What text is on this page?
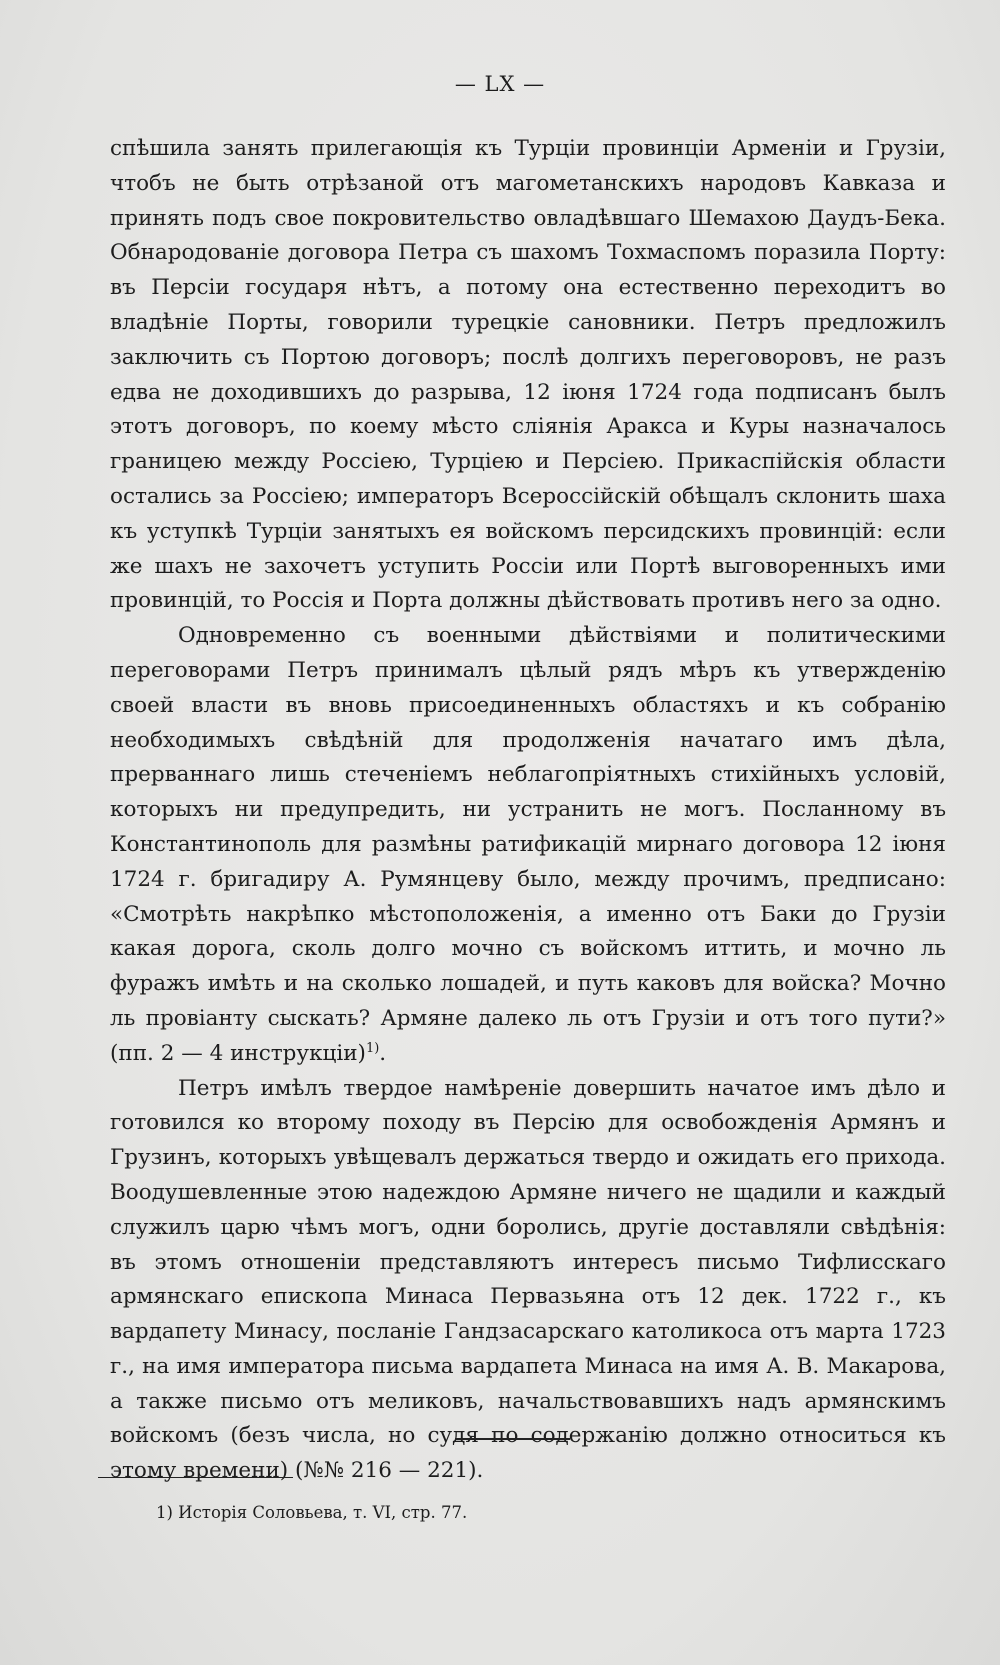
— LX —

спѣшила занять прилегающія къ Турціи провинціи Арменіи и Грузіи, чтобъ не быть отрѣзаной отъ магометанскихъ народовъ Кавказа и принять подъ свое покровительство овладѣвшаго Шемахою Даудъ-Бека. Обнародованіе договора Петра съ шахомъ Тохмаспомъ поразила Порту: въ Персіи государя нѣтъ, а потому она естественно переходитъ во владѣніе Порты, говорили турецкіе сановники. Петръ предложилъ заключить съ Портою договоръ; послѣ долгихъ переговоровъ, не разъ едва не доходившихъ до разрыва, 12 іюня 1724 года подписанъ былъ этотъ договоръ, по коему мѣсто сліянія Аракса и Куры назначалось границею между Россіею, Турціею и Персіею. Прикаспійскія области остались за Россіею; императоръ Всероссійскій обѣщалъ склонить шаха къ уступкѣ Турціи занятыхъ ея войскомъ персидскихъ провинцій: если же шахъ не захочетъ уступить Россіи или Портѣ выговоренныхъ ими провинцій, то Россія и Порта должны дѣйствовать противъ него за одно.

Одновременно съ военными дѣйствіями и политическими переговорами Петръ принималъ цѣлый рядъ мѣръ къ утвержденію своей власти въ вновь присоединенныхъ областяхъ и къ собранію необходимыхъ свѣдѣній для продолженія начатаго имъ дѣла, прерваннаго лишь стеченіемъ неблагопріятныхъ стихійныхъ условій, которыхъ ни предупредить, ни устранить не могъ. Посланному въ Константинополь для размѣны ратификацій мирнаго договора 12 іюня 1724 г. бригадиру А. Румянцеву было, между прочимъ, предписано: «Смотрѣть накрѣпко мѣстоположенія, а именно отъ Баки до Грузіи какая дорога, сколь долго мочно съ войскомъ иттить, и мочно ль фуражъ имѣть и на сколько лошадей, и путь каковъ для войска? Мочно ль провіанту сыскать? Армяне далеко ль отъ Грузіи и отъ того пути?» (пп. 2 — 4 инструкціи)$^{1)}$.

Петръ имѣлъ твердое намѣреніе довершить начатое имъ дѣло и готовился ко второму походу въ Персію для освобожденія Армянъ и Грузинъ, которыхъ увѣщевалъ держаться твердо и ожидать его прихода. Воодушевленные этою надеждою Армяне ничего не щадили и каждый служилъ царю чѣмъ могъ, одни боролись, другіе доставляли свѣдѣнія: въ этомъ отношеніи представляютъ интересъ письмо Тифлисскаго армянскаго епископа Минаса Первазьяна отъ 12 дек. 1722 г., къ вардапету Минасу, посланіе Гандзасарскаго католикоса отъ марта 1723 г., на имя императора письма вардапета Минаса на имя А. В. Макарова, а также письмо отъ меликовъ, начальствовавшихъ надъ армянскимъ войскомъ (безъ числа, но судя по содержанію должно относиться къ этому времени) (№№ 216 — 221).

1) Исторія Соловьева, т. VI, стр. 77.
